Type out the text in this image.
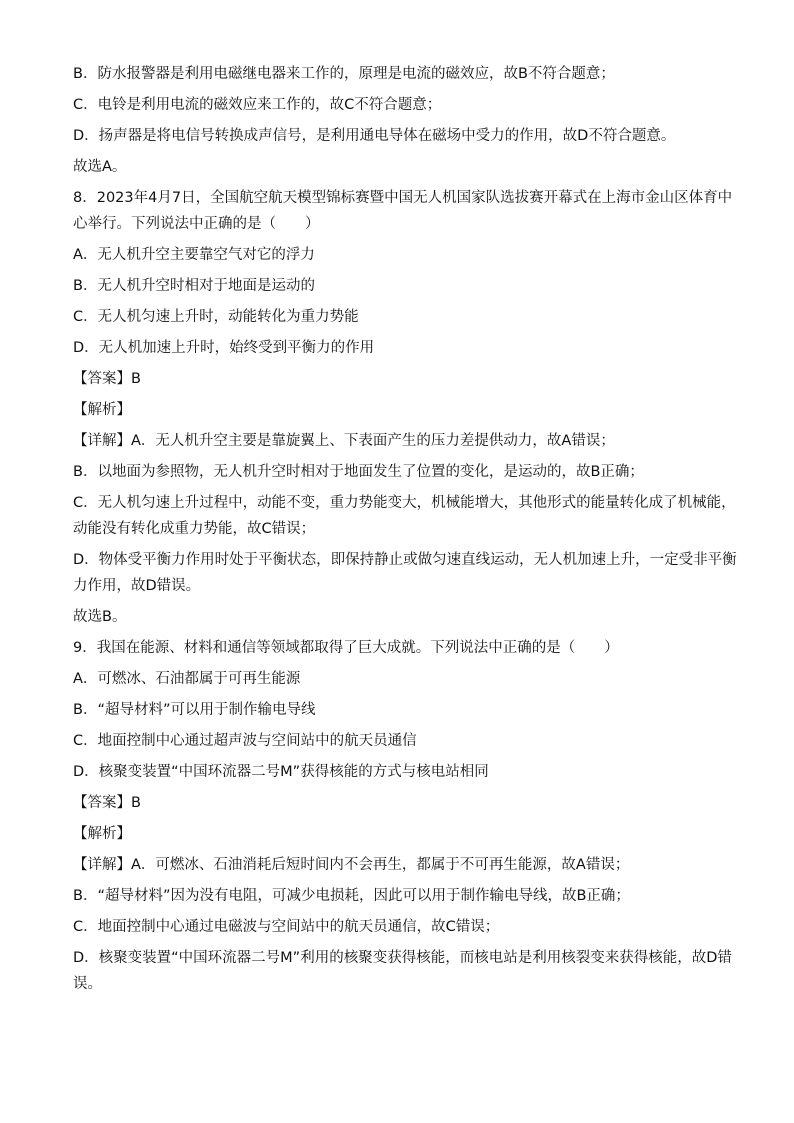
B．防水报警器是利用电磁继电器来工作的，原理是电流的磁效应，故B不符合题意；

C．电铃是利用电流的磁效应来工作的，故C不符合题意；

D．扬声器是将电信号转换成声信号，是利用通电导体在磁场中受力的作用，故D不符合题意。

故选A。

8．2023年4月7日，全国航空航天模型锦标赛暨中国无人机国家队选拔赛开幕式在上海市金山区体育中

心举行。下列说法中正确的是（　　）

A．无人机升空主要靠空气对它的浮力

B．无人机升空时相对于地面是运动的

C．无人机匀速上升时，动能转化为重力势能

D．无人机加速上升时，始终受到平衡力的作用

【答案】B

【解析】

【详解】A．无人机升空主要是靠旋翼上、下表面产生的压力差提供动力，故A错误；

B．以地面为参照物，无人机升空时相对于地面发生了位置的变化，是运动的，故B正确；

C．无人机匀速上升过程中，动能不变，重力势能变大，机械能增大，其他形式的能量转化成了机械能，

动能没有转化成重力势能，故C错误；

D．物体受平衡力作用时处于平衡状态，即保持静止或做匀速直线运动，无人机加速上升，一定受非平衡

力作用，故D错误。

故选B。

9．我国在能源、材料和通信等领域都取得了巨大成就。下列说法中正确的是（　　）

A．可燃冰、石油都属于可再生能源

B．“超导材料”可以用于制作输电导线

C．地面控制中心通过超声波与空间站中的航天员通信

D．核聚变装置“中国环流器二号M”获得核能的方式与核电站相同

【答案】B

【解析】

【详解】A．可燃冰、石油消耗后短时间内不会再生，都属于不可再生能源，故A错误；

B．“超导材料”因为没有电阻，可减少电损耗，因此可以用于制作输电导线，故B正确；

C．地面控制中心通过电磁波与空间站中的航天员通信，故C错误；

D．核聚变装置“中国环流器二号M”利用的核聚变获得核能，而核电站是利用核裂变来获得核能，故D错

误。
